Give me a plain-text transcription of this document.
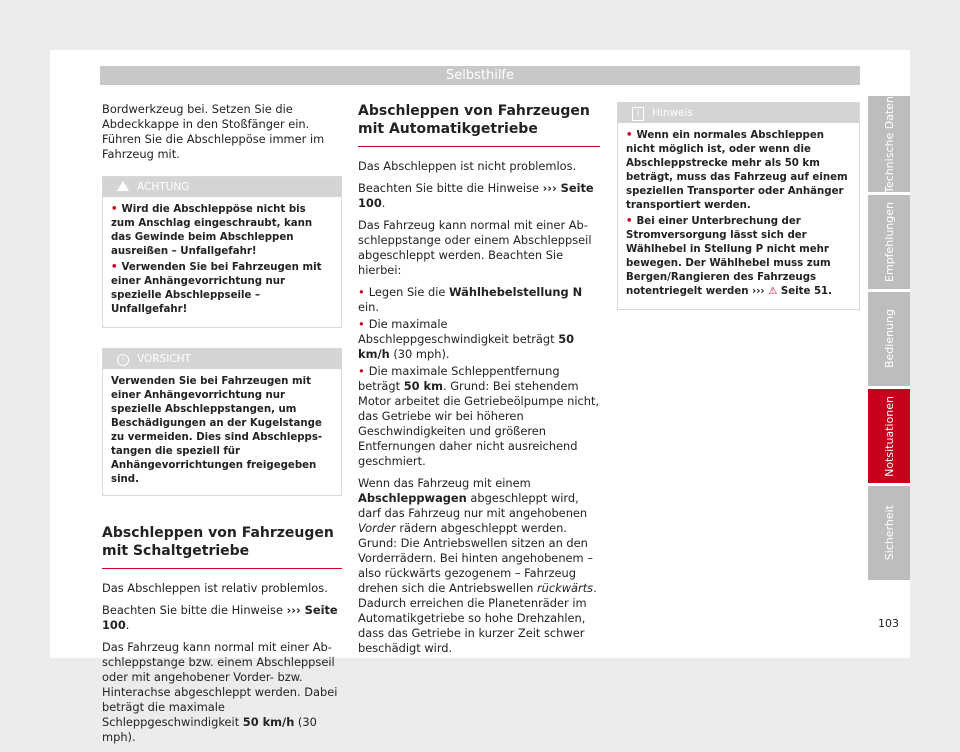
Selbsthilfe

Bordwerkzeug bei. Setzen Sie die Abdeckkappe in den Stoßfänger ein. Führen Sie die Abschleppöse immer im Fahrzeug mit.

ACHTUNG
• Wird die Abschleppöse nicht bis zum Anschlag eingeschraubt, kann das Gewinde beim Abschleppen ausreißen – Unfallgefahr!
• Verwenden Sie bei Fahrzeugen mit einer Anhängevorrichtung nur spezielle Abschleppseile – Unfallgefahr!
! VORSICHT
Verwenden Sie bei Fahrzeugen mit einer Anhängevorrichtung nur spezielle Abschleppstangen, um Beschädigungen an der Kugelstange zu vermeiden. Dies sind Abschleppstangen die speziell für Anhängevorrichtungen freigegeben sind.
Abschleppen von Fahrzeugen mit Schaltgetriebe

Das Abschleppen ist relativ problemlos.

Beachten Sie bitte die Hinweise ››› Seite 100.

Das Fahrzeug kann normal mit einer Abschleppstange bzw. einem Abschleppseil oder mit angehobener Vorder- bzw. Hinterachse abgeschleppt werden. Dabei beträgt die maximale Schleppgeschwindigkeit 50 km/h (30 mph).

Abschleppen von Fahrzeugen mit Automatikgetriebe

Das Abschleppen ist nicht problemlos.

Beachten Sie bitte die Hinweise ››› Seite 100.

Das Fahrzeug kann normal mit einer Abschleppstange oder einem Abschleppseil abgeschleppt werden. Beachten Sie hierbei:

• Legen Sie die Wählhebelstellung N ein.
• Die maximale Abschleppgeschwindigkeit beträgt 50 km/h (30 mph).
• Die maximale Schleppentfernung beträgt 50 km. Grund: Bei stehendem Motor arbeitet die Getriebeölpumpe nicht, das Getriebe wir bei höheren Geschwindigkeiten und größeren Entfernungen daher nicht ausreichend geschmiert.

Wenn das Fahrzeug mit einem Abschleppwagen abgeschleppt wird, darf das Fahrzeug nur mit angehobenen Vorder rädern abgeschleppt werden. Grund: Die Antriebswellen sitzen an den Vorderrädern. Bei hinten angehobenem – also rückwärts gezogenem – Fahrzeug drehen sich die Antriebswellen rückwärts. Dadurch erreichen die Planetenräder im Automatikgetriebe so hohe Drehzahlen, dass das Getriebe in kurzer Zeit schwer beschädigt wird.

i Hinweis
• Wenn ein normales Abschleppen nicht möglich ist, oder wenn die Abschleppstrecke mehr als 50 km beträgt, muss das Fahrzeug auf einem speziellen Transporter oder Anhänger transportiert werden.
• Bei einer Unterbrechung der Stromversorgung lässt sich der Wählhebel in Stellung P nicht mehr bewegen. Der Wählhebel muss zum Bergen/Rangieren des Fahrzeugs notentriegelt werden ››› ⚠ Seite 51.
Technische Daten
Empfehlungen
Bedienung
Notsituationen
Sicherheit
103
